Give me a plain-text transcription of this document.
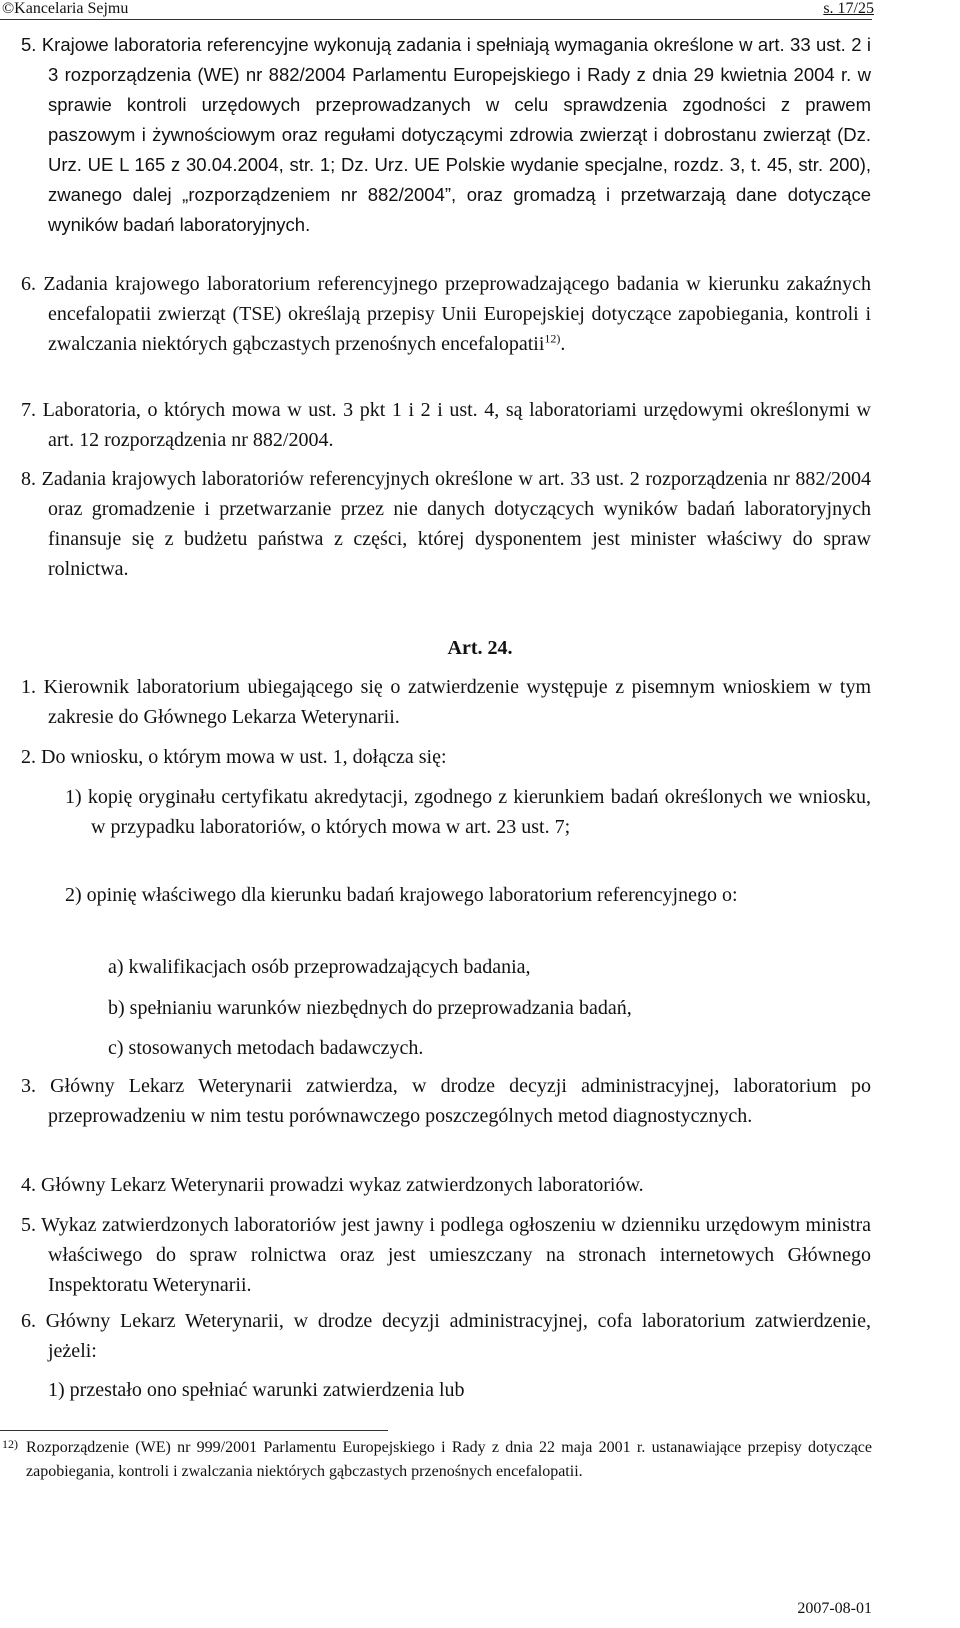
©Kancelaria Sejmu	s. 17/25
5. Krajowe laboratoria referencyjne wykonują zadania i spełniają wymagania określone w art. 33 ust. 2 i 3 rozporządzenia (WE) nr 882/2004 Parlamentu Europejskiego i Rady z dnia 29 kwietnia 2004 r. w sprawie kontroli urzędowych przeprowadzanych w celu sprawdzenia zgodności z prawem paszowym i żywnościowym oraz regułami dotyczącymi zdrowia zwierząt i dobrostanu zwierząt (Dz. Urz. UE L 165 z 30.04.2004, str. 1; Dz. Urz. UE Polskie wydanie specjalne, rozdz. 3, t. 45, str. 200), zwanego dalej „rozporządzeniem nr 882/2004”, oraz gromadzą i przetwarzają dane dotyczące wyników badań laboratoryjnych.
6. Zadania krajowego laboratorium referencyjnego przeprowadzającego badania w kierunku zakaźnych encefalopatii zwierząt (TSE) określają przepisy Unii Europejskiej dotyczące zapobiegania, kontroli i zwalczania niektórych gąbczastych przenośnych encefalopatii$^{12)}$.
7. Laboratoria, o których mowa w ust. 3 pkt 1 i 2 i ust. 4, są laboratoriami urzędowymi określonymi w art. 12 rozporządzenia nr 882/2004.
8. Zadania krajowych laboratoriów referencyjnych określone w art. 33 ust. 2 rozporządzenia nr 882/2004 oraz gromadzenie i przetwarzanie przez nie danych dotyczących wyników badań laboratoryjnych finansuje się z budżetu państwa z części, której dysponentem jest minister właściwy do spraw rolnictwa.
Art. 24.
1. Kierownik laboratorium ubiegającego się o zatwierdzenie występuje z pisemnym wnioskiem w tym zakresie do Głównego Lekarza Weterynarii.
2. Do wniosku, o którym mowa w ust. 1, dołącza się:
1) kopię oryginału certyfikatu akredytacji, zgodnego z kierunkiem badań określonych we wniosku, w przypadku laboratoriów, o których mowa w art. 23 ust. 7;
2) opinię właściwego dla kierunku badań krajowego laboratorium referencyjnego o:
a) kwalifikacjach osób przeprowadzających badania,
b) spełnianiu warunków niezbędnych do przeprowadzania badań,
c) stosowanych metodach badawczych.
3. Główny Lekarz Weterynarii zatwierdza, w drodze decyzji administracyjnej, laboratorium po przeprowadzeniu w nim testu porównawczego poszczególnych metod diagnostycznych.
4. Główny Lekarz Weterynarii prowadzi wykaz zatwierdzonych laboratoriów.
5. Wykaz zatwierdzonych laboratoriów jest jawny i podlega ogłoszeniu w dzienniku urzędowym ministra właściwego do spraw rolnictwa oraz jest umieszczany na stronach internetowych Głównego Inspektoratu Weterynarii.
6. Główny Lekarz Weterynarii, w drodze decyzji administracyjnej, cofa laboratorium zatwierdzenie, jeżeli:
1) przestało ono spełniać warunki zatwierdzenia lub
12) Rozporządzenie (WE) nr 999/2001 Parlamentu Europejskiego i Rady z dnia 22 maja 2001 r. ustanawiające przepisy dotyczące zapobiegania, kontroli i zwalczania niektórych gąbczastych przenośnych encefalopatii.
2007-08-01
